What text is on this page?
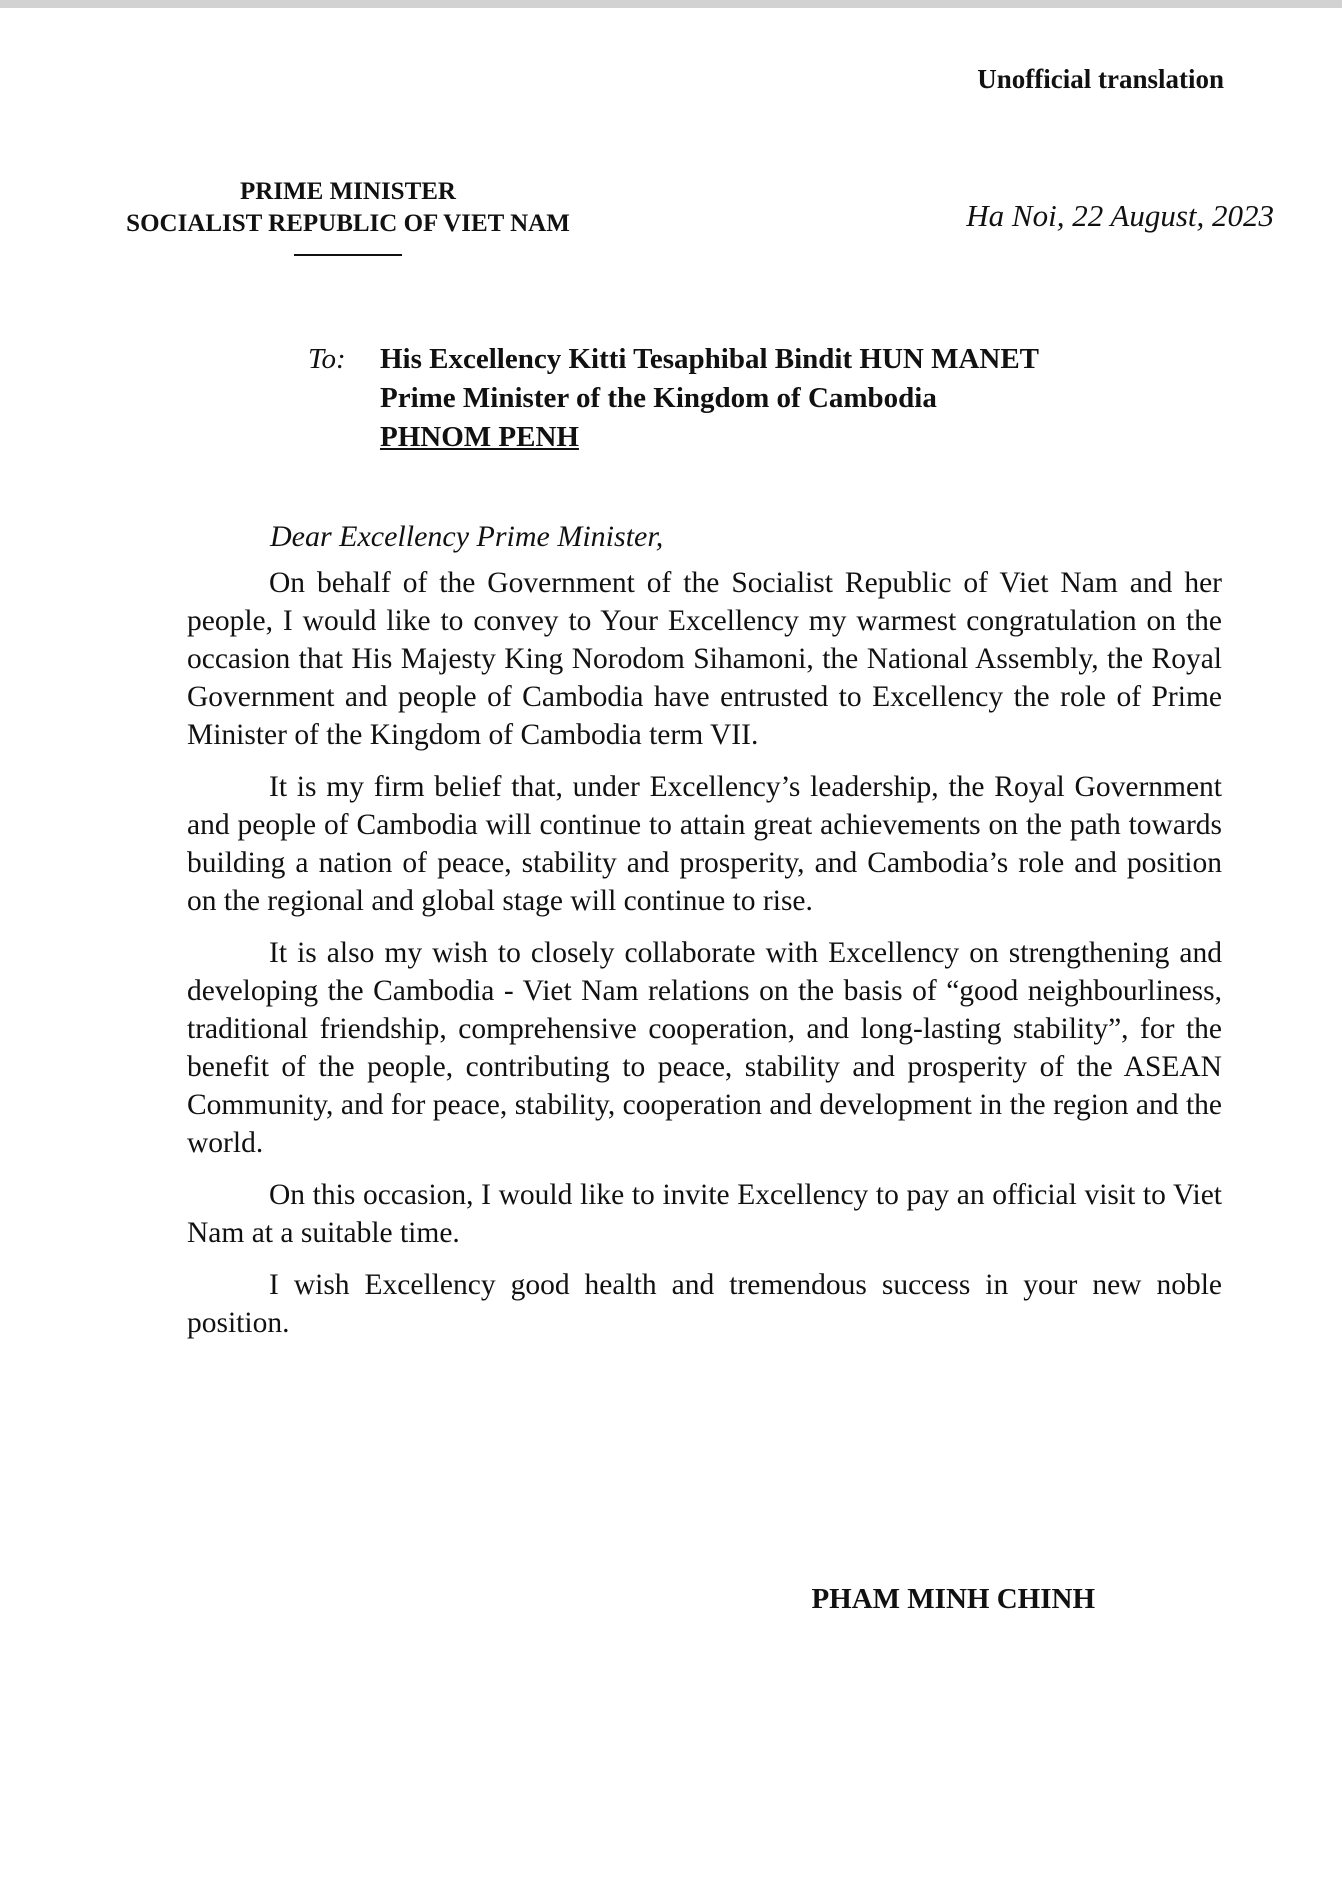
Unofficial translation
PRIME MINISTER
SOCIALIST REPUBLIC OF VIET NAM	Ha Noi, 22 August, 2023
To: His Excellency Kitti Tesaphibal Bindit HUN MANET
Prime Minister of the Kingdom of Cambodia
PHNOM PENH
Dear Excellency Prime Minister,

On behalf of the Government of the Socialist Republic of Viet Nam and her people, I would like to convey to Your Excellency my warmest congratulation on the occasion that His Majesty King Norodom Sihamoni, the National Assembly, the Royal Government and people of Cambodia have entrusted to Excellency the role of Prime Minister of the Kingdom of Cambodia term VII.

It is my firm belief that, under Excellency’s leadership, the Royal Government and people of Cambodia will continue to attain great achievements on the path towards building a nation of peace, stability and prosperity, and Cambodia’s role and position on the regional and global stage will continue to rise.

It is also my wish to closely collaborate with Excellency on strengthening and developing the Cambodia - Viet Nam relations on the basis of “good neighbourliness, traditional friendship, comprehensive cooperation, and long-lasting stability”, for the benefit of the people, contributing to peace, stability and prosperity of the ASEAN Community, and for peace, stability, cooperation and development in the region and the world.

On this occasion, I would like to invite Excellency to pay an official visit to Viet Nam at a suitable time.

I wish Excellency good health and tremendous success in your new noble position.

PHAM MINH CHINH
